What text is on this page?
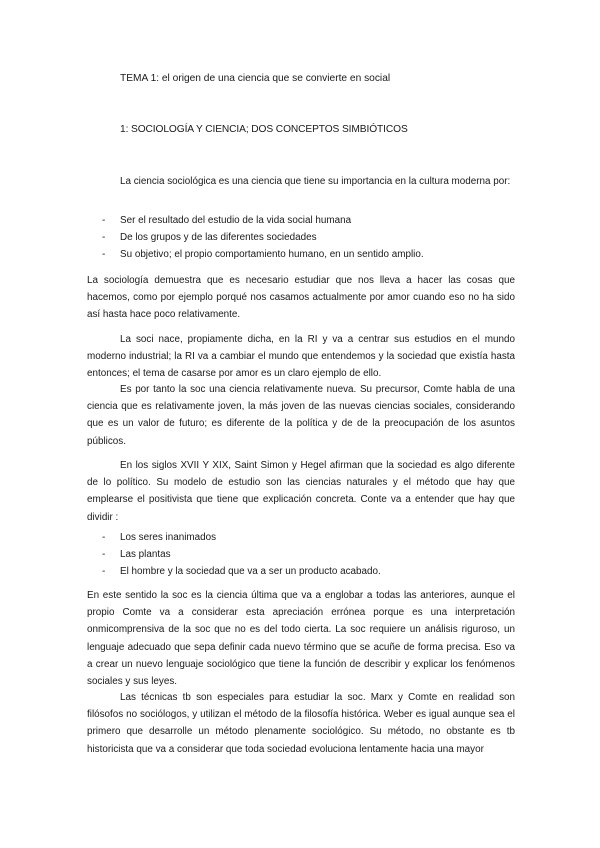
TEMA 1: el origen de una ciencia que se convierte en social
1: SOCIOLOGÍA Y CIENCIA; DOS CONCEPTOS SIMBIÓTICOS

La ciencia sociológica es una ciencia que tiene su importancia en la cultura moderna por:

- Ser el resultado del estudio de la vida social humana
- De los grupos y de las diferentes sociedades
- Su objetivo; el propio comportamiento humano, en un sentido amplio.

La sociología demuestra que es necesario estudiar que nos lleva a hacer las cosas que hacemos, como por ejemplo porqué nos casamos actualmente por amor cuando eso no ha sido así hasta hace poco relativamente.

La soci nace, propiamente dicha, en la RI y va a centrar sus estudios en el mundo moderno industrial; la RI va a cambiar el mundo que entendemos y la sociedad que existía hasta entonces; el tema de casarse por amor es un claro ejemplo de ello.

Es por tanto la soc una ciencia relativamente nueva. Su precursor, Comte habla de una ciencia que es relativamente joven, la más joven de las nuevas ciencias sociales, considerando que es un valor de futuro; es diferente de la política y de de la preocupación de los asuntos públicos.

En los siglos XVII Y XIX, Saint Simon y Hegel afirman que la sociedad es algo diferente de lo político. Su modelo de estudio son las ciencias naturales y el método que hay que emplearse el positivista que tiene que explicación concreta. Conte va a entender que hay que dividir :

- Los seres inanimados
- Las plantas
- El hombre y la sociedad que va a ser un producto acabado.

En este sentido la soc es la ciencia última que va a englobar a todas las anteriores, aunque el propio Comte va a considerar esta apreciación errónea porque es una interpretación onmicomprensiva de la soc que no es del todo cierta. La soc requiere un análisis riguroso, un lenguaje adecuado que sepa definir cada nuevo término que se acuñe de forma precisa. Eso va a crear un nuevo lenguaje sociológico que tiene la función de describir y explicar los fenómenos sociales y sus leyes.

Las técnicas tb son especiales para estudiar la soc. Marx y Comte en realidad son filósofos no sociólogos, y utilizan el método de la filosofía histórica. Weber es igual aunque sea el primero que desarrolle un método plenamente sociológico. Su método, no obstante es tb historicista que va a considerar que toda sociedad evoluciona lentamente hacia una mayor
